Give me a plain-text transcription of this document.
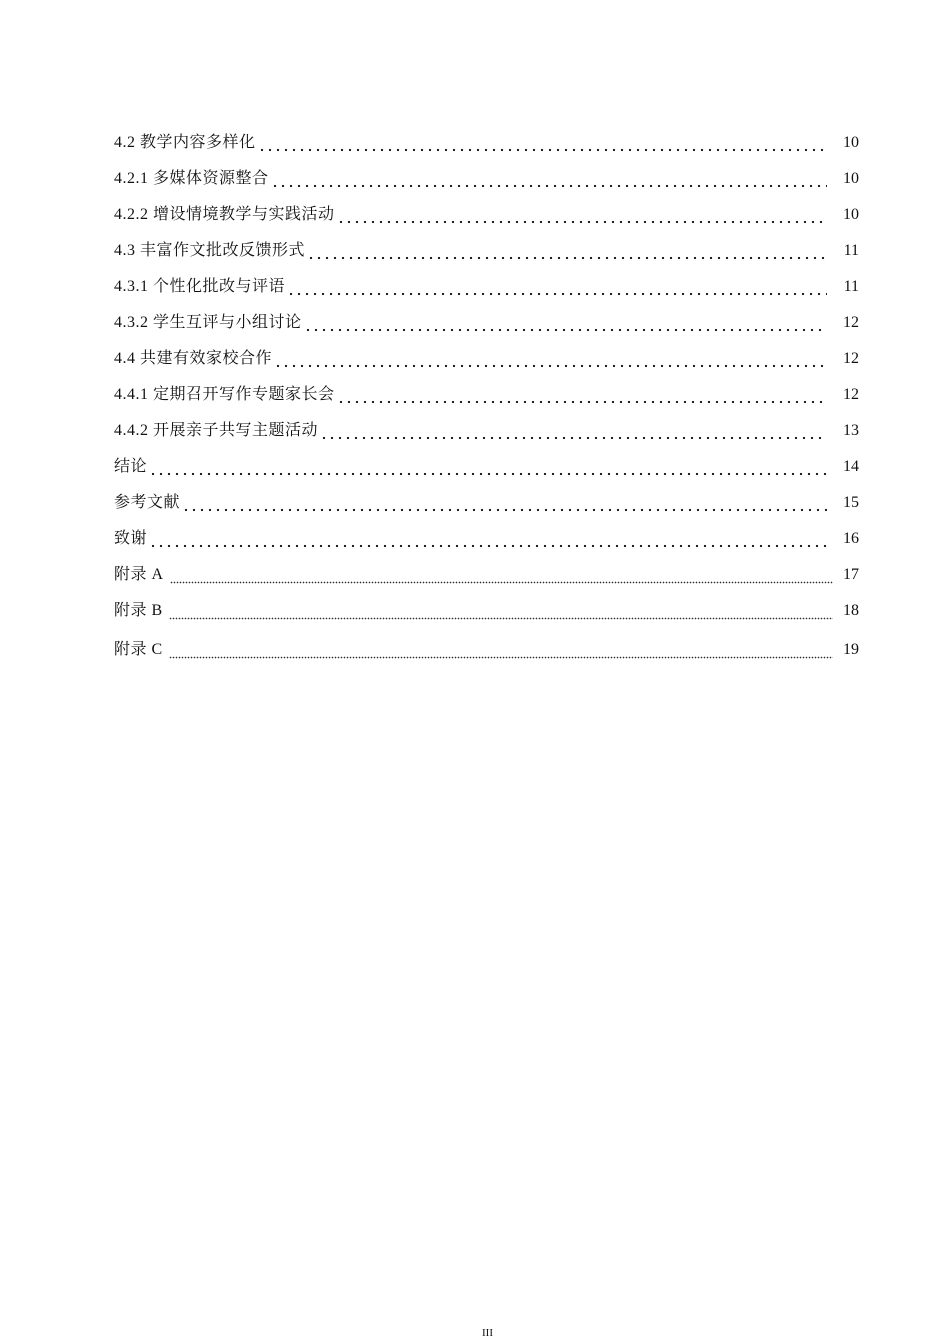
4.2 教学内容多样化	10
4.2.1 多媒体资源整合	10
4.2.2 增设情境教学与实践活动	10
4.3 丰富作文批改反馈形式	11
4.3.1 个性化批改与评语	11
4.3.2 学生互评与小组讨论	12
4.4 共建有效家校合作	12
4.4.1 定期召开写作专题家长会	12
4.4.2 开展亲子共写主题活动	13
结论	14
参考文献	15
致谢	16
附录 A	17
附录 B	18
附录 C	19
III
